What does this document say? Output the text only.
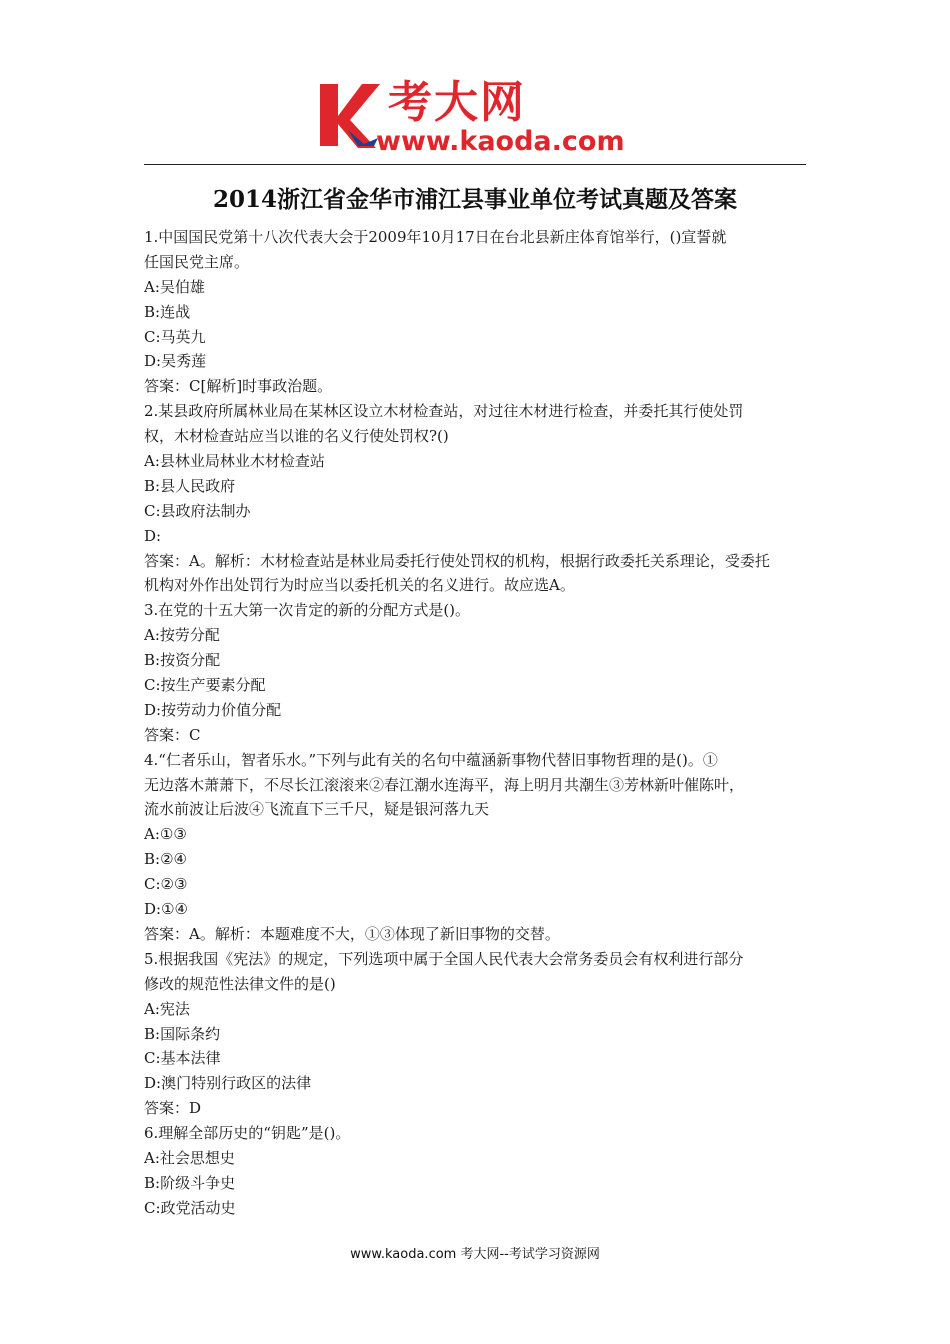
考大网
www.kaoda.com
2014浙江省金华市浦江县事业单位考试真题及答案
1.中国国民党第十八次代表大会于2009年10月17日在台北县新庄体育馆举行，()宣誓就
任国民党主席。
A:吴伯雄
B:连战
C:马英九
D:吴秀莲
答案：C[解析]时事政治题。
2.某县政府所属林业局在某林区设立木材检查站，对过往木材进行检查，并委托其行使处罚
权，木材检查站应当以谁的名义行使处罚权?()
A:县林业局林业木材检查站
B:县人民政府
C:县政府法制办
D:
答案：A。解析：木材检查站是林业局委托行使处罚权的机构，根据行政委托关系理论，受委托
机构对外作出处罚行为时应当以委托机关的名义进行。故应选A。
3.在党的十五大第一次肯定的新的分配方式是()。
A:按劳分配
B:按资分配
C:按生产要素分配
D:按劳动力价值分配
答案：C
4.“仁者乐山，智者乐水。”下列与此有关的名句中蕴涵新事物代替旧事物哲理的是()。①
无边落木萧萧下，不尽长江滚滚来②春江潮水连海平，海上明月共潮生③芳林新叶催陈叶，
流水前波让后波④飞流直下三千尺，疑是银河落九天
A:①③
B:②④
C:②③
D:①④
答案：A。解析：本题难度不大，①③体现了新旧事物的交替。
5.根据我国《宪法》的规定，下列选项中属于全国人民代表大会常务委员会有权利进行部分
修改的规范性法律文件的是()
A:宪法
B:国际条约
C:基本法律
D:澳门特别行政区的法律
答案：D
6.理解全部历史的“钥匙”是()。
A:社会思想史
B:阶级斗争史
C:政党活动史
www.kaoda.com 考大网--考试学习资源网
